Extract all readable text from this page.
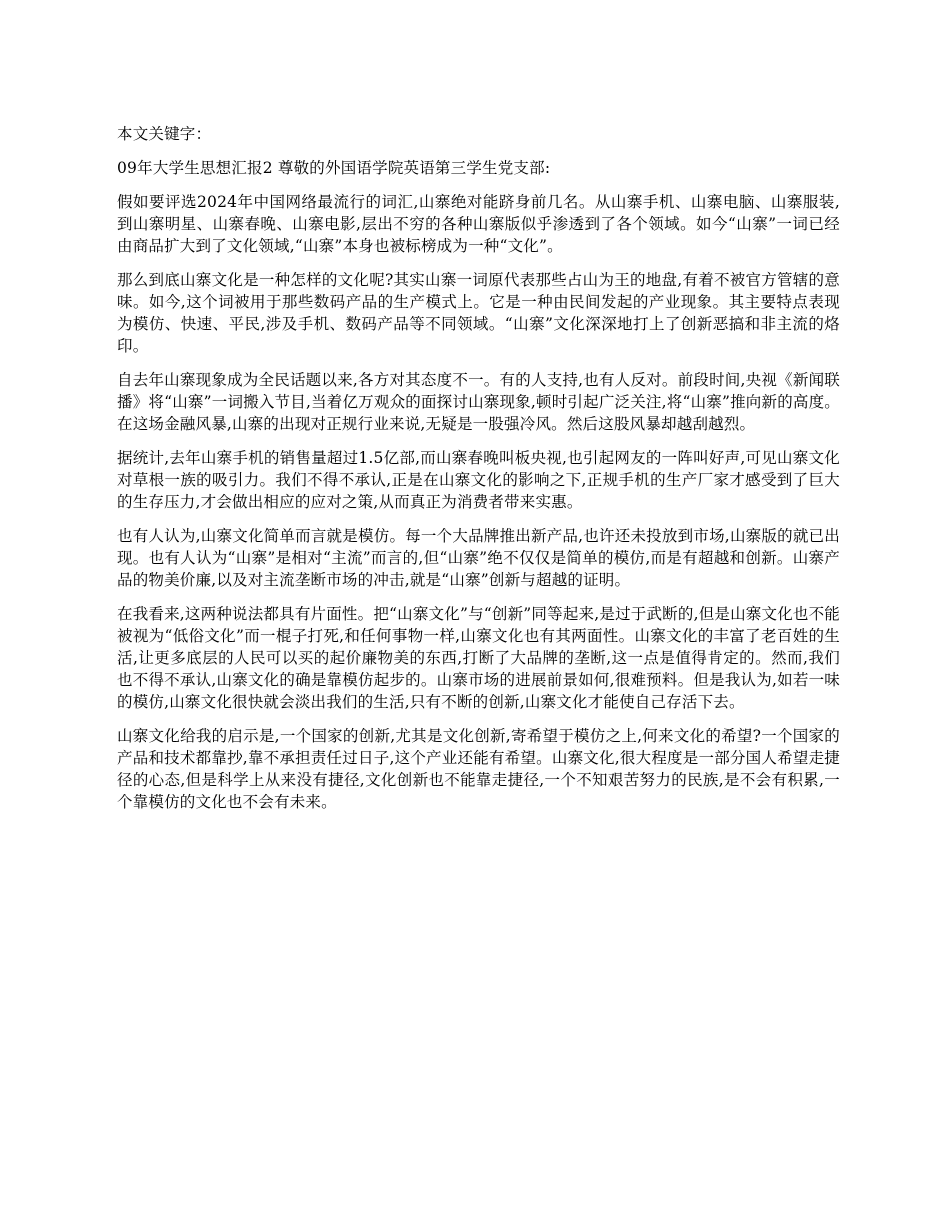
本文关键字：

09年大学生思想汇报2 尊敬的外国语学院英语第三学生党支部:

假如要评选2024年中国网络最流行的词汇,山寨绝对能跻身前几名。从山寨手机、山寨电脑、山寨服装,到山寨明星、山寨春晚、山寨电影,层出不穷的各种山寨版似乎渗透到了各个领域。如今“山寨”一词已经由商品扩大到了文化领域,“山寨”本身也被标榜成为一种“文化”。

那么到底山寨文化是一种怎样的文化呢?其实山寨一词原代表那些占山为王的地盘,有着不被官方管辖的意味。如今,这个词被用于那些数码产品的生产模式上。它是一种由民间发起的产业现象。其主要特点表现为模仿、快速、平民,涉及手机、数码产品等不同领域。“山寨”文化深深地打上了创新恶搞和非主流的烙印。

自去年山寨现象成为全民话题以来,各方对其态度不一。有的人支持,也有人反对。前段时间,央视《新闻联播》将“山寨”一词搬入节目,当着亿万观众的面探讨山寨现象,顿时引起广泛关注,将“山寨”推向新的高度。在这场金融风暴,山寨的出现对正规行业来说,无疑是一股强冷风。然后这股风暴却越刮越烈。

据统计,去年山寨手机的销售量超过1.5亿部,而山寨春晚叫板央视,也引起网友的一阵叫好声,可见山寨文化对草根一族的吸引力。我们不得不承认,正是在山寨文化的影响之下,正规手机的生产厂家才感受到了巨大的生存压力,才会做出相应的应对之策,从而真正为消费者带来实惠。

也有人认为,山寨文化简单而言就是模仿。每一个大品牌推出新产品,也许还未投放到市场,山寨版的就已出现。也有人认为“山寨”是相对“主流”而言的,但“山寨”绝不仅仅是简单的模仿,而是有超越和创新。山寨产品的物美价廉,以及对主流垄断市场的冲击,就是“山寨”创新与超越的证明。

在我看来,这两种说法都具有片面性。把“山寨文化”与“创新”同等起来,是过于武断的,但是山寨文化也不能被视为“低俗文化”而一棍子打死,和任何事物一样,山寨文化也有其两面性。山寨文化的丰富了老百姓的生活,让更多底层的人民可以买的起价廉物美的东西,打断了大品牌的垄断,这一点是值得肯定的。然而,我们也不得不承认,山寨文化的确是靠模仿起步的。山寨市场的进展前景如何,很难预料。但是我认为,如若一味的模仿,山寨文化很快就会淡出我们的生活,只有不断的创新,山寨文化才能使自己存活下去。

山寨文化给我的启示是,一个国家的创新,尤其是文化创新,寄希望于模仿之上,何来文化的希望?一个国家的产品和技术都靠抄,靠不承担责任过日子,这个产业还能有希望。山寨文化,很大程度是一部分国人希望走捷径的心态,但是科学上从来没有捷径,文化创新也不能靠走捷径,一个不知艰苦努力的民族,是不会有积累,一个靠模仿的文化也不会有未来。
